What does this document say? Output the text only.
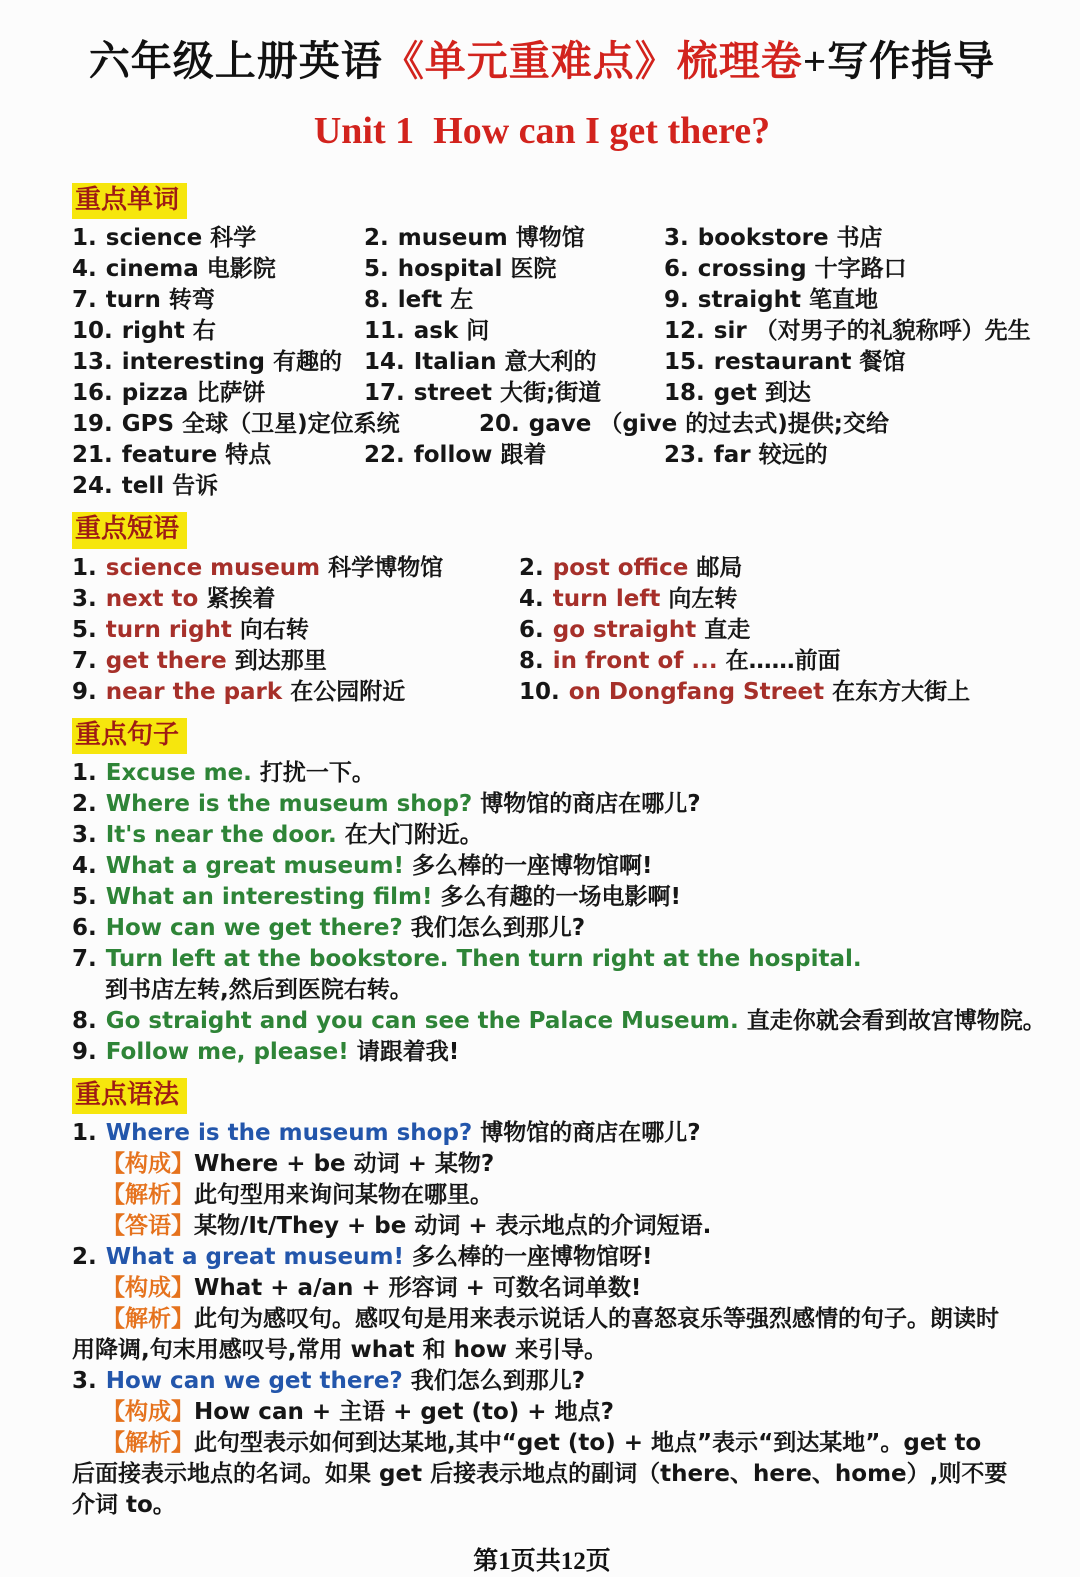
六年级上册英语《单元重难点》梳理卷+写作指导
Unit 1  How can I get there?
重点单词
1. science 科学	2. museum 博物馆	3. bookstore 书店
4. cinema 电影院	5. hospital 医院	6. crossing 十字路口
7. turn 转弯	8. left 左	9. straight 笔直地
10. right 右	11. ask 问	12. sir （对男子的礼貌称呼）先生
13. interesting 有趣的 14. Italian 意大利的	15. restaurant 餐馆
16. pizza 比萨饼	17. street 大街;街道	18. get 到达
19. GPS 全球（卫星)定位系统	20. gave （give 的过去式)提供;交给
21. feature 特点	22. follow 跟着	23. far 较远的
24. tell 告诉
重点短语
1. science museum 科学博物馆	2. post office 邮局
3. next to 紧挨着	4. turn left 向左转
5. turn right 向右转	6. go straight 直走
7. get there 到达那里	8. in front of ... 在……前面
9. near the park 在公园附近	10. on Dongfang Street 在东方大街上
重点句子
1. Excuse me. 打扰一下。
2. Where is the museum shop? 博物馆的商店在哪儿?
3. It's near the door. 在大门附近。
4. What a great museum! 多么棒的一座博物馆啊!
5. What an interesting film! 多么有趣的一场电影啊!
6. How can we get there? 我们怎么到那儿?
7. Turn left at the bookstore. Then turn right at the hospital.
到书店左转,然后到医院右转。
8. Go straight and you can see the Palace Museum. 直走你就会看到故宫博物院。
9. Follow me, please! 请跟着我!
重点语法
1. Where is the museum shop? 博物馆的商店在哪儿?
【构成】Where + be 动词 + 某物?
【解析】此句型用来询问某物在哪里。
【答语】某物/It/They + be 动词 + 表示地点的介词短语.
2. What a great museum! 多么棒的一座博物馆呀!
【构成】What + a/an + 形容词 + 可数名词单数!
【解析】此句为感叹句。感叹句是用来表示说话人的喜怒哀乐等强烈感情的句子。朗读时用降调,句末用感叹号,常用 what 和 how 来引导。
3. How can we get there? 我们怎么到那儿?
【构成】How can + 主语 + get (to) + 地点?
【解析】此句型表示如何到达某地,其中“get (to) + 地点”表示“到达某地”。get to 后面接表示地点的名词。如果 get 后接表示地点的副词（there、here、home）,则不要介词 to。
第1页共12页
